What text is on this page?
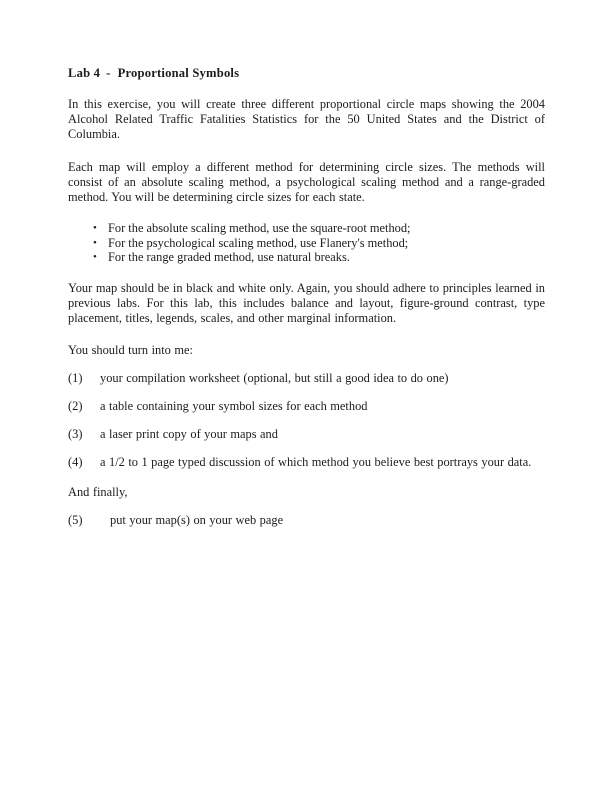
Lab 4 - Proportional Symbols

In this exercise, you will create three different proportional circle maps showing the 2004 Alcohol Related Traffic Fatalities Statistics for the 50 United States and the District of Columbia.

Each map will employ a different method for determining circle sizes. The methods will consist of an absolute scaling method, a psychological scaling method and a range-graded method. You will be determining circle sizes for each state.

• For the absolute scaling method, use the square-root method;
• For the psychological scaling method, use Flanery's method;
• For the range graded method, use natural breaks.

Your map should be in black and white only. Again, you should adhere to principles learned in previous labs. For this lab, this includes balance and layout, figure-ground contrast, type placement, titles, legends, scales, and other marginal information.

You should turn into me:

(1)	your compilation worksheet (optional, but still a good idea to do one)
(2)	a table containing your symbol sizes for each method
(3)	a laser print copy of your maps and
(4)	a 1/2 to 1 page typed discussion of which method you believe best portrays your data.

And finally,

(5)	put your map(s) on your web page
